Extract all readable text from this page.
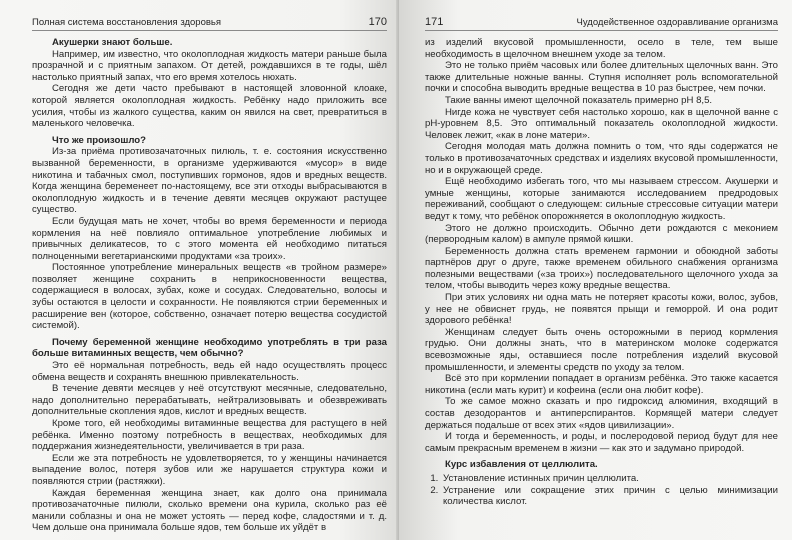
Полная система восстановления здоровья	170

Акушерки знают больше.

Например, им известно, что околоплодная жидкость матери раньше была прозрачной и с приятным запахом. От детей, рождавшихся в те годы, шёл настолько приятный запах, что его время хотелось нюхать.

Сегодня же дети часто пребывают в настоящей зловонной клоаке, которой является околоплодная жидкость. Ребёнку надо приложить все усилия, чтобы из жалкого существа, каким он явился на свет, превратиться в маленького человечка.

Что же произошло?

Из-за приёма противозачаточных пилюль, т. е. состояния искусственно вызванной беременности, в организме удерживаются «мусор» в виде никотина и табачных смол, поступивших гормонов, ядов и вредных веществ. Когда женщина беременеет по-настоящему, все эти отходы выбрасываются в околоплодную жидкость и в течение девяти месяцев окружают растущее существо.

Если будущая мать не хочет, чтобы во время беременности и периода кормления на неё повлияло оптимальное употребление любимых и привычных деликатесов, то с этого момента ей необходимо питаться полноценными вегетарианскими продуктами «за троих».

Постоянное употребление минеральных веществ «в тройном размере» позволяет женщине сохранить в неприкосновенности вещества, содержащиеся в волосах, зубах, коже и сосудах. Следовательно, волосы и зубы остаются в целости и сохранности. Не появляются стрии беременных и расширение вен (которое, собственно, означает потерю вещества сосудистой системой).

Почему беременной женщине необходимо употреблять в три раза больше витаминных веществ, чем обычно?

Это её нормальная потребность, ведь ей надо осуществлять процесс обмена веществ и сохранять внешнюю привлекательность.

В течение девяти месяцев у неё отсутствуют месячные, следовательно, надо дополнительно перерабатывать, нейтрализовывать и обезвреживать дополнительные скопления ядов, кислот и вредных веществ.

Кроме того, ей необходимы витаминные вещества для растущего в ней ребёнка. Именно поэтому потребность в веществах, необходимых для поддержания жизнедеятельности, увеличивается в три раза.

Если же эта потребность не удовлетворяется, то у женщины начинается выпадение волос, потеря зубов или же нарушается структура кожи и появляются стрии (растяжки).

Каждая беременная женщина знает, как долго она принимала противозачаточные пилюли, сколько времени она курила, сколько раз её манили соблазны и она не может устоять — перед кофе, сладостями и т. д. Чем дольше она принимала больше ядов, тем больше их уйдёт в

171	Чудодейственное оздоравливание организма

из изделий вкусовой промышленности, осело в теле, тем выше необходимость в щелочном внешнем уходе за телом.

Это не только приём часовых или более длительных щелочных ванн. Это также длительные ножные ванны. Ступня исполняет роль вспомогательной почки и способна выводить вредные вещества в 10 раз быстрее, чем почки.

Такие ванны имеют щелочной показатель примерно pH 8,5.

Нигде кожа не чувствует себя настолько хорошо, как в щелочной ванне с pH-уровнем 8,5. Это оптимальный показатель околоплодной жидкости. Человек лежит, «как в лоне матери».

Сегодня молодая мать должна помнить о том, что яды содержатся не только в противозачаточных средствах и изделиях вкусовой промышленности, но и в окружающей среде.

Ещё необходимо избегать того, что мы называем стрессом. Акушерки и умные женщины, которые занимаются исследованием предродовых переживаний, сообщают о следующем: сильные стрессовые ситуации матери ведут к тому, что ребёнок опорожняется в околоплодную жидкость.

Этого не должно происходить. Обычно дети рождаются с меконием (первородным калом) в ампуле прямой кишки.

Беременность должна стать временем гармонии и обоюдной заботы партнёров друг о друге, также временем обильного снабжения организма полезными веществами («за троих») последовательного щелочного ухода за телом, чтобы выводить через кожу вредные вещества.

При этих условиях ни одна мать не потеряет красоты кожи, волос, зубов, у нее не обвиснет грудь, не появятся прыщи и геморрой. И она родит здорового ребёнка!

Женщинам следует быть очень осторожными в период кормления грудью. Они должны знать, что в материнском молоке содержатся всевозможные яды, оставшиеся после потребления изделий вкусовой промышленности, и элементы средств по уходу за телом.

Всё это при кормлении попадает в организм ребёнка. Это также касается никотина (если мать курит) и кофеина (если она любит кофе).

То же самое можно сказать и про гидроксид алюминия, входящий в состав дезодорантов и антиперспирантов. Кормящей матери следует держаться подальше от всех этих «ядов цивилизации».

И тогда и беременность, и роды, и послеродовой период будут для нее самым прекрасным временем в жизни — как это и задумано природой.

Курс избавления от целлюлита.

1. Установление истинных причин целлюлита.
2. Устранение или сокращение этих причин с целью минимизации количества кислот.
